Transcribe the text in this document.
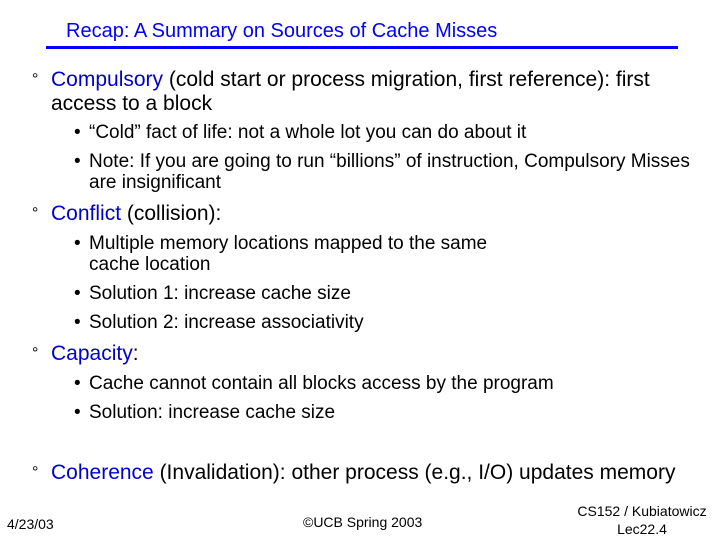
Recap: A Summary on Sources of Cache Misses
° Compulsory (cold start or process migration, first reference): first access to a block
• “Cold” fact of life: not a whole lot you can do about it
• Note: If you are going to run “billions” of instruction, Compulsory Misses are insignificant
° Conflict (collision):
• Multiple memory locations mapped to the same cache location
• Solution 1: increase cache size
• Solution 2: increase associativity
° Capacity:
• Cache cannot contain all blocks access by the program
• Solution: increase cache size
° Coherence (Invalidation): other process (e.g., I/O) updates memory
4/23/03	©UCB Spring 2003
CS152 / Kubiatowicz
Lec22.4
